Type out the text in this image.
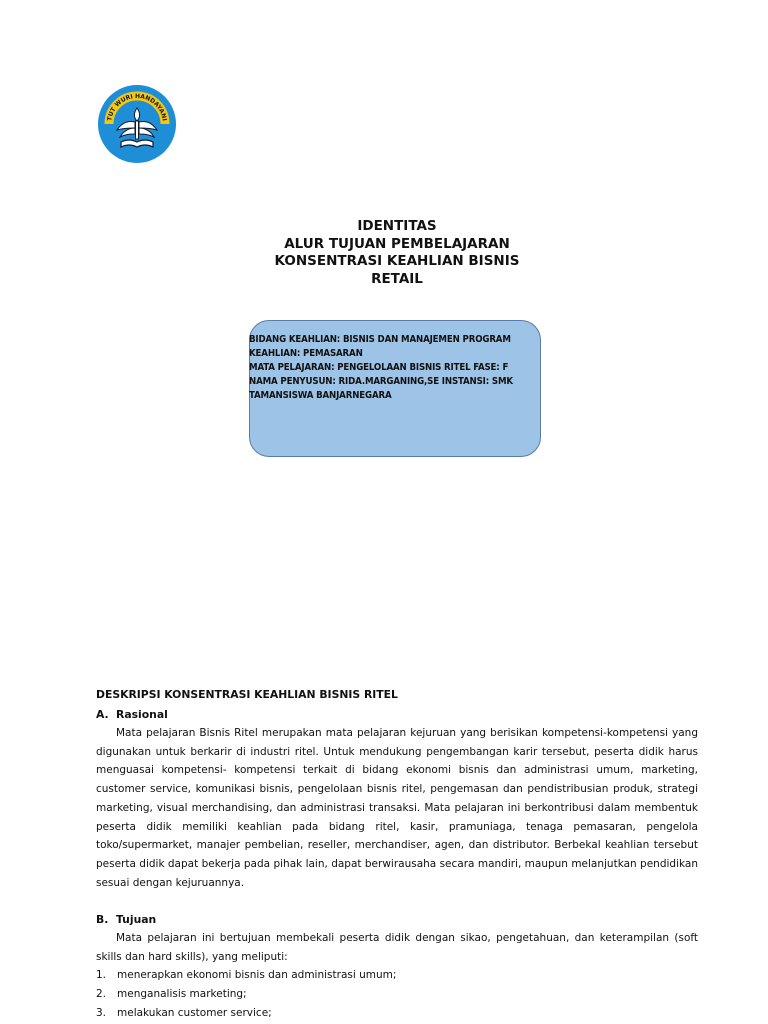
TUT WURI HANDAYANI
IDENTITAS
ALUR TUJUAN PEMBELAJARAN
KONSENTRASI KEAHLIAN BISNIS
RETAIL
BIDANG KEAHLIAN: BISNIS DAN MANAJEMEN PROGRAM
KEAHLIAN: PEMASARAN
MATA PELAJARAN: PENGELOLAAN BISNIS RITEL FASE: F
NAMA PENYUSUN: RIDA.MARGANING,SE INSTANSI: SMK
TAMANSISWA BANJARNEGARA
DESKRIPSI KONSENTRASI KEAHLIAN BISNIS RITEL
A. Rasional

Mata pelajaran Bisnis Ritel merupakan mata pelajaran kejuruan yang berisikan kompetensi-kompetensi yang digunakan untuk berkarir di industri ritel. Untuk mendukung pengembangan karir tersebut, peserta didik harus menguasai kompetensi- kompetensi terkait di bidang ekonomi bisnis dan administrasi umum, marketing, customer service, komunikasi bisnis, pengelolaan bisnis ritel, pengemasan dan pendistribusian produk, strategi marketing, visual merchandising, dan administrasi transaksi. Mata pelajaran ini berkontribusi dalam membentuk peserta didik memiliki keahlian pada bidang ritel, kasir, pramuniaga, tenaga pemasaran, pengelola toko/supermarket, manajer pembelian, reseller, merchandiser, agen, dan distributor. Berbekal keahlian tersebut peserta didik dapat bekerja pada pihak lain, dapat berwirausaha secara mandiri, maupun melanjutkan pendidikan sesuai dengan kejuruannya.

B. Tujuan

Mata pelajaran ini bertujuan membekali peserta didik dengan sikao, pengetahuan, dan keterampilan (soft skills dan hard skills), yang meliputi:

1. menerapkan ekonomi bisnis dan administrasi umum;
2. menganalisis marketing;
3. melakukan customer service;
